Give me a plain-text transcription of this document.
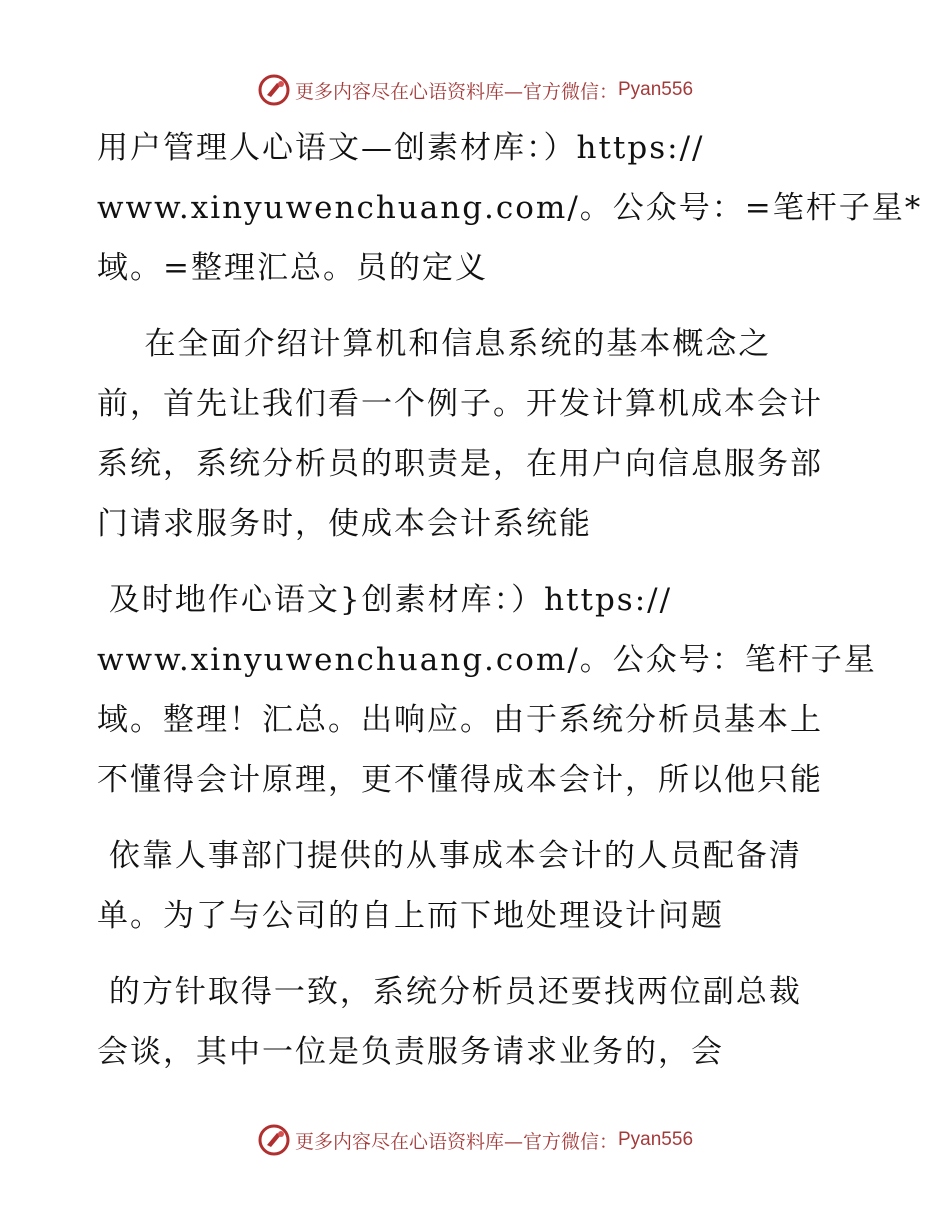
更多内容尽在心语资料库—官方微信： Pyan556
用户管理人心语文—创素材库：）https://
www.xinyuwenchuang.com/。公众号：=笔杆子星*
域。=整理汇总。员的定义
在全面介绍计算机和信息系统的基本概念之
前，首先让我们看一个例子。开发计算机成本会计
系统，系统分析员的职责是，在用户向信息服务部
门请求服务时，使成本会计系统能
及时地作心语文}创素材库：）https://
www.xinyuwenchuang.com/。公众号：笔杆子星
域。整理！汇总。出响应。由于系统分析员基本上
不懂得会计原理，更不懂得成本会计，所以他只能
依靠人事部门提供的从事成本会计的人员配备清
单。为了与公司的自上而下地处理设计问题
的方针取得一致，系统分析员还要找两位副总裁
会谈，其中一位是负责服务请求业务的，会
更多内容尽在心语资料库—官方微信： Pyan556
